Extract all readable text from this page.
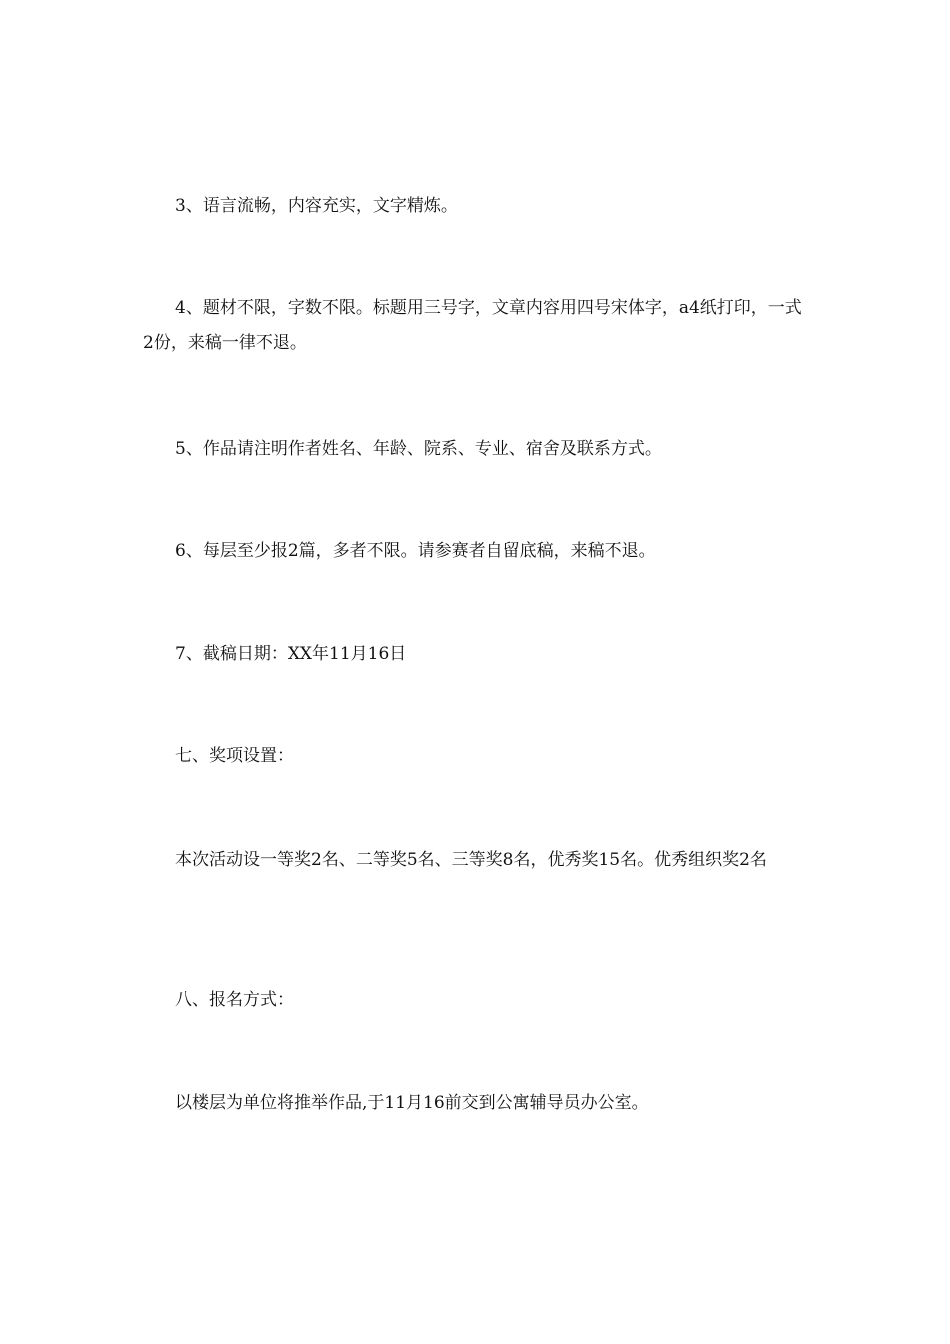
3、语言流畅，内容充实，文字精炼。

4、题材不限，字数不限。标题用三号字，文章内容用四号宋体字，a4纸打印，一式2份，来稿一律不退。

5、作品请注明作者姓名、年龄、院系、专业、宿舍及联系方式。

6、每层至少报2篇，多者不限。请参赛者自留底稿，来稿不退。

7、截稿日期：XX年11月16日

七、奖项设置：

本次活动设一等奖2名、二等奖5名、三等奖8名，优秀奖15名。优秀组织奖2名

八、报名方式：

以楼层为单位将推举作品,于11月16前交到公寓辅导员办公室。
